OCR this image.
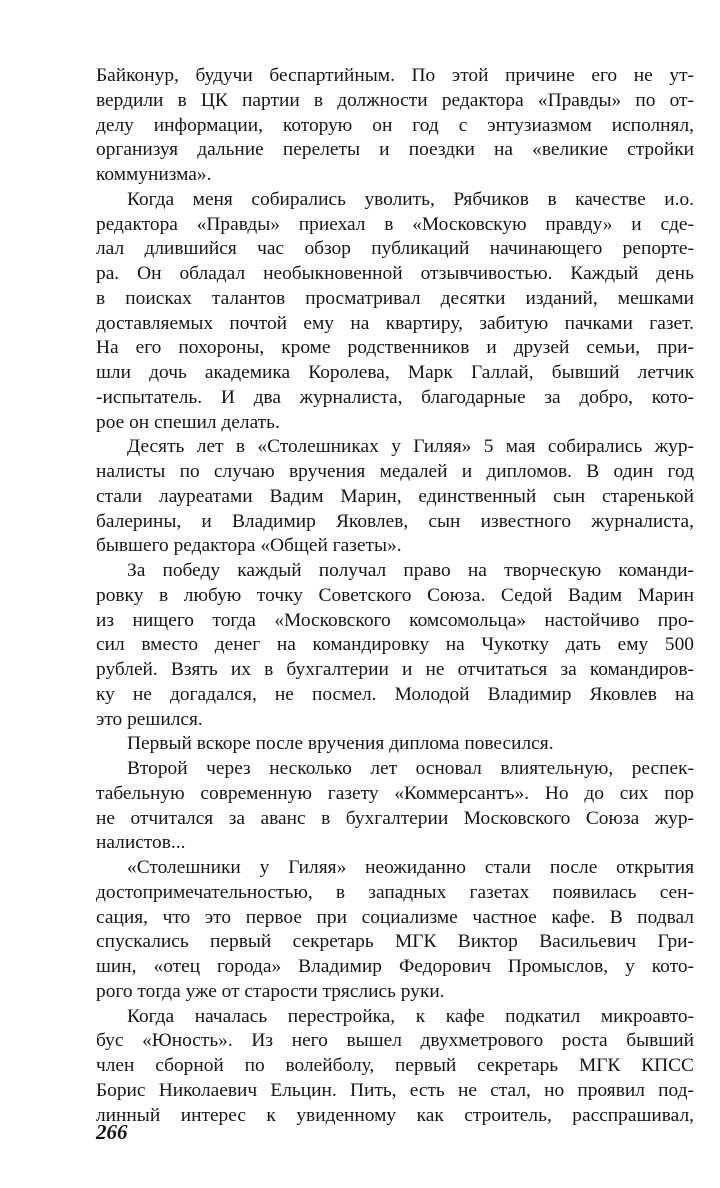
Байконур, будучи беспартийным. По этой причине его не ут-
вердили в ЦК партии в должности редактора «Правды» по от-
делу информации, которую он год с энтузиазмом исполнял,
организуя дальние перелеты и поездки на «великие стройки
коммунизма».
Когда меня собирались уволить, Рябчиков в качестве и.о.
редактора «Правды» приехал в «Московскую правду» и сде-
лал длившийся час обзор публикаций начинающего репорте-
ра. Он обладал необыкновенной отзывчивостью. Каждый день
в поисках талантов просматривал десятки изданий, мешками
доставляемых почтой ему на квартиру, забитую пачками газет.
На его похороны, кроме родственников и друзей семьи, при-
шли дочь академика Королева, Марк Галлай, бывший летчик
-испытатель. И два журналиста, благодарные за добро, кото-
рое он спешил делать.
Десять лет в «Столешниках у Гиляя» 5 мая собирались жур-
налисты по случаю вручения медалей и дипломов. В один год
стали лауреатами Вадим Марин, единственный сын старенькой
балерины, и Владимир Яковлев, сын известного журналиста,
бывшего редактора «Общей газеты».
За победу каждый получал право на творческую команди-
ровку в любую точку Советского Союза. Седой Вадим Марин
из нищего тогда «Московского комсомольца» настойчиво про-
сил вместо денег на командировку на Чукотку дать ему 500
рублей. Взять их в бухгалтерии и не отчитаться за командиров-
ку не догадался, не посмел. Молодой Владимир Яковлев на
это решился.
Первый вскоре после вручения диплома повесился.
Второй через несколько лет основал влиятельную, респек-
табельную современную газету «Коммерсантъ». Но до сих пор
не отчитался за аванс в бухгалтерии Московского Союза жур-
налистов...
«Столешники у Гиляя» неожиданно стали после открытия
достопримечательностью, в западных газетах появилась сен-
сация, что это первое при социализме частное кафе. В подвал
спускались первый секретарь МГК Виктор Васильевич Гри-
шин, «отец города» Владимир Федорович Промыслов, у кото-
рого тогда уже от старости тряслись руки.
Когда началась перестройка, к кафе подкатил микроавто-
бус «Юность». Из него вышел двухметрового роста бывший
член сборной по волейболу, первый секретарь МГК КПСС
Борис Николаевич Ельцин. Пить, есть не стал, но проявил под-
линный интерес к увиденному как строитель, расспрашивал,
266
